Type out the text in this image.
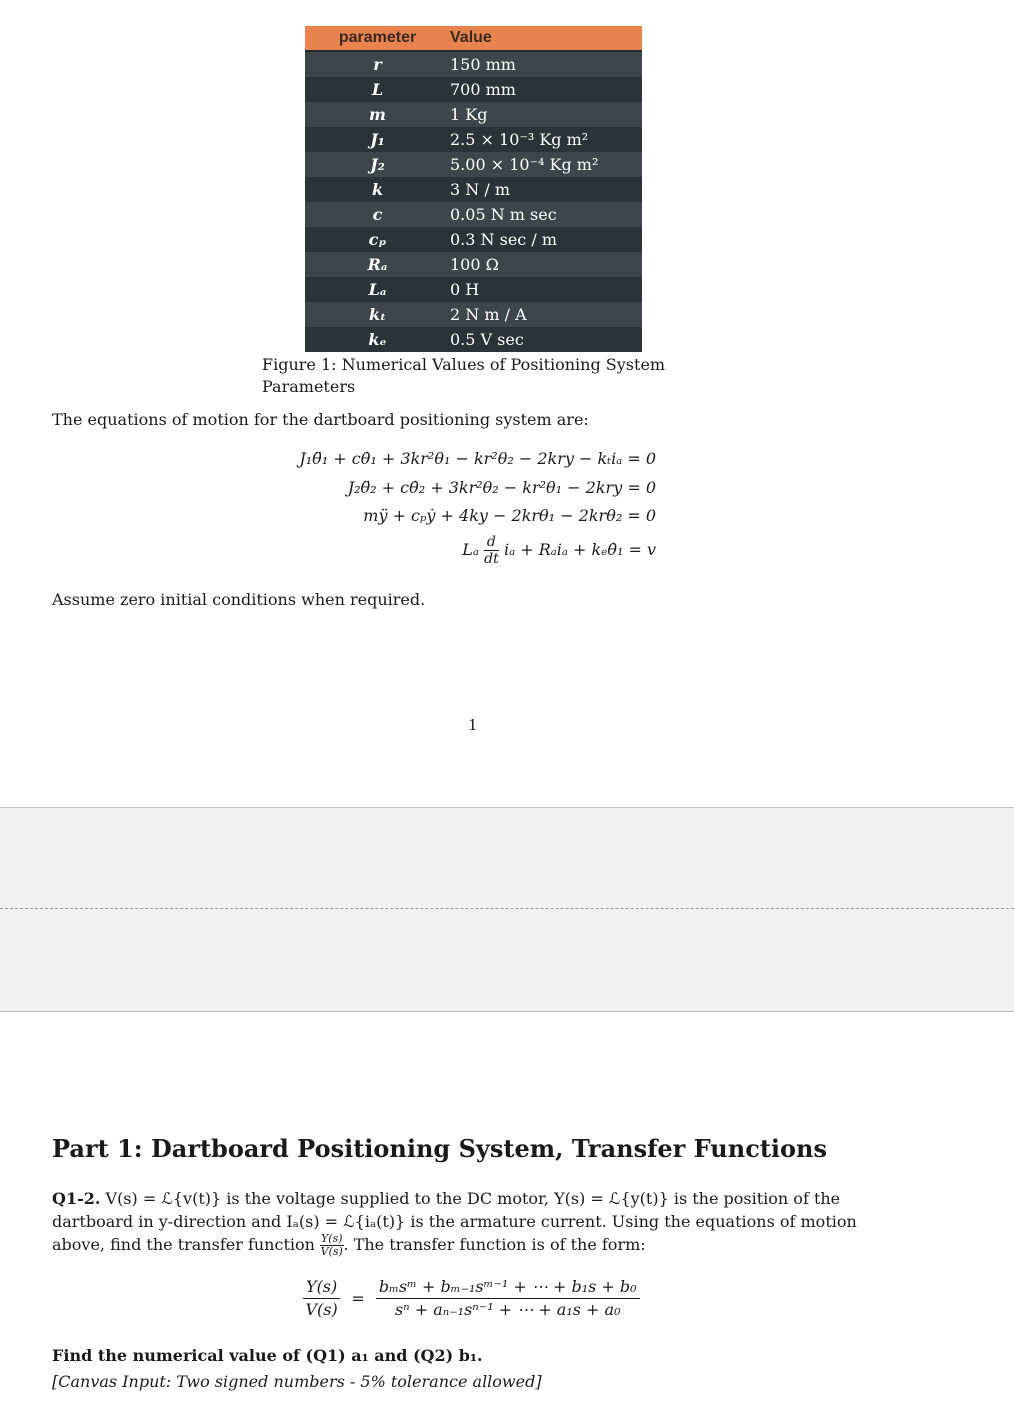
parameter	Value
r	150 mm
L	700 mm
m	1 Kg
J₁	2.5 × 10⁻³ Kg m²
J₂	5.00 × 10⁻⁴ Kg m²
k	3 N / m
c	0.05 N m sec
cₚ	0.3 N sec / m
Rₐ	100 Ω
Lₐ	0 H
kₜ	2 N m / A
kₑ	0.5 V sec
Figure 1: Numerical Values of Positioning System Parameters
The equations of motion for the dartboard positioning system are:
J₁θ̈₁ + cθ̇₁ + 3kr²θ₁ − kr²θ₂ − 2kry − kₜiₐ = 0
J₂θ̈₂ + cθ̇₂ + 3kr²θ₂ − kr²θ₁ − 2kry = 0
mÿ + cₚẏ + 4ky − 2krθ₁ − 2krθ₂ = 0
Lₐ $\frac{d}{dt}$ iₐ + Rₐiₐ + kₑθ̇₁ = v
Assume zero initial conditions when required.
1
Part 1: Dartboard Positioning System, Transfer Functions
Q1-2. V(s) = ℒ{v(t)} is the voltage supplied to the DC motor, Y(s) = ℒ{y(t)} is the position of the dartboard in y-direction and Iₐ(s) = ℒ{iₐ(t)} is the armature current. Using the equations of motion above, find the transfer function $\frac{Y(s)}{V(s)}$ . The transfer function is of the form:
$\frac{Y(s)}{V(s)}$ =
bₘsᵐ + bₘ₋₁sᵐ⁻¹ + ⋯ + b₁s + b₀
sⁿ + aₙ₋₁sⁿ⁻¹ + ⋯ + a₁s + a₀
Find the numerical value of (Q1) a₁ and (Q2) b₁.
[Canvas Input: Two signed numbers - 5% tolerance allowed]
